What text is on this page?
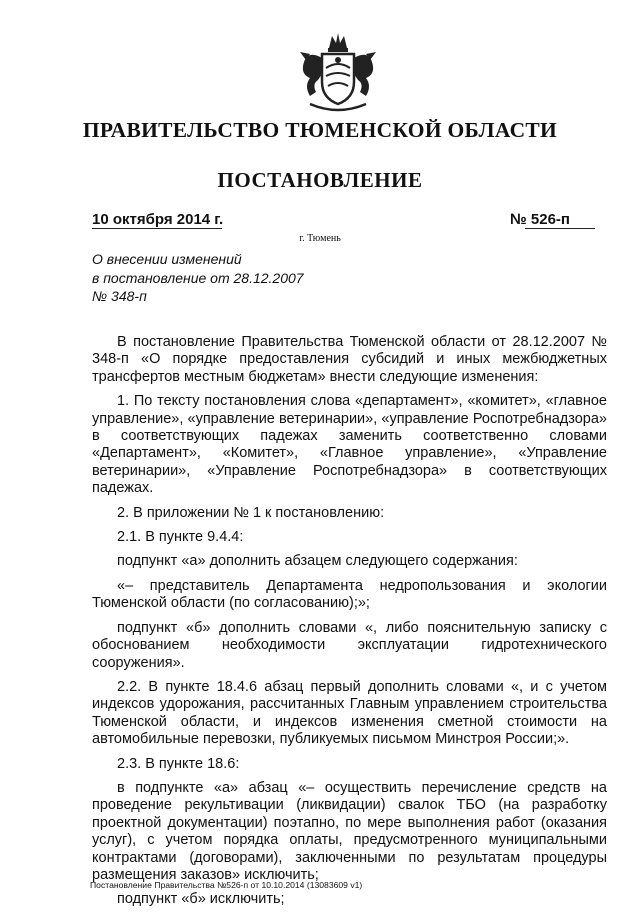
ПРАВИТЕЛЬСТВО ТЮМЕНСКОЙ ОБЛАСТИ
ПОСТАНОВЛЕНИЕ
10 октября 2014 г.	№ 526-п
г. Тюмень
О внесении изменений
в постановление от 28.12.2007
№ 348-п

В постановление Правительства Тюменской области от 28.12.2007 № 348-п «О порядке предоставления субсидий и иных межбюджетных трансфертов местным бюджетам» внести следующие изменения:

1. По тексту постановления слова «департамент», «комитет», «главное управление», «управление ветеринарии», «управление Роспотребнадзора» в соответствующих падежах заменить соответственно словами «Департамент», «Комитет», «Главное управление», «Управление ветеринарии», «Управление Роспотребнадзора» в соответствующих падежах.

2. В приложении № 1 к постановлению:

2.1. В пункте 9.4.4:

подпункт «а» дополнить абзацем следующего содержания:

«– представитель Департамента недропользования и экологии Тюменской области (по согласованию);»;

подпункт «б» дополнить словами «, либо пояснительную записку с обоснованием необходимости эксплуатации гидротехнического сооружения».

2.2. В пункте 18.4.6 абзац первый дополнить словами «, и с учетом индексов удорожания, рассчитанных Главным управлением строительства Тюменской области, и индексов изменения сметной стоимости на автомобильные перевозки, публикуемых письмом Минстроя России;».

2.3. В пункте 18.6:

в подпункте «а» абзац «– осуществить перечисление средств на проведение рекультивации (ликвидации) свалок ТБО (на разработку проектной документации) поэтапно, по мере выполнения работ (оказания услуг), с учетом порядка оплаты, предусмотренного муниципальными контрактами (договорами), заключенными по результатам процедуры размещения заказов» исключить;

подпункт «б» исключить;

Постановление Правительства №526-п от 10.10.2014 (13083609 v1)
